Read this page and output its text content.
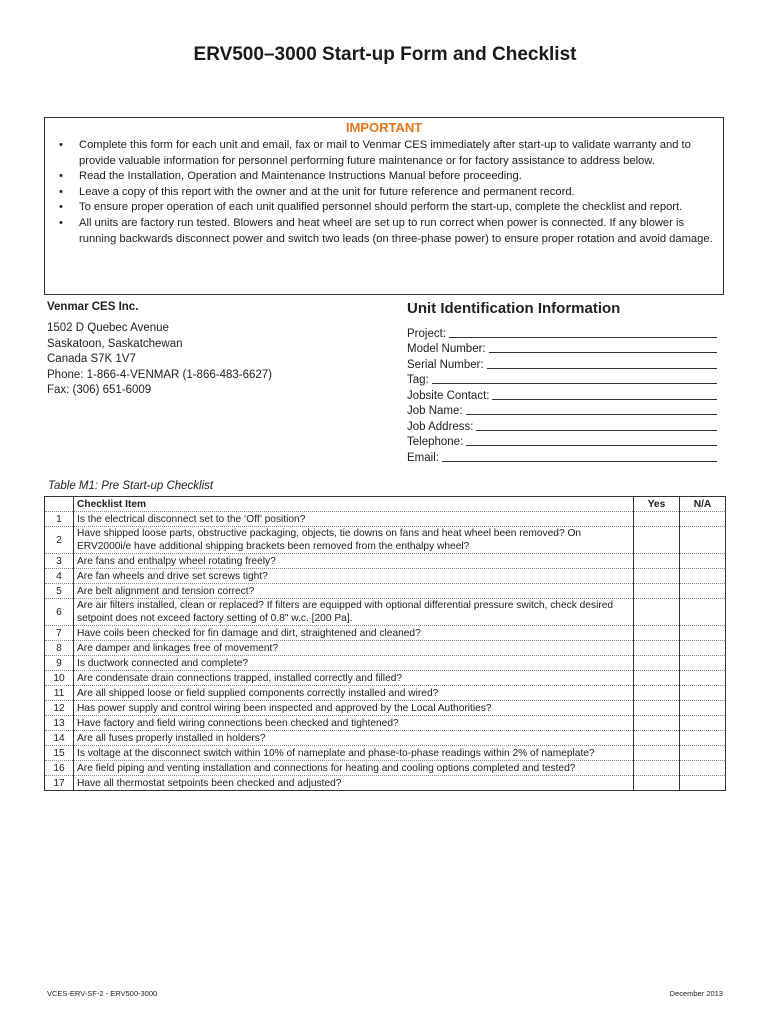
ERV500–3000 Start-up Form and Checklist
IMPORTANT
• Complete this form for each unit and email, fax or mail to Venmar CES immediately after start-up to validate warranty and to provide valuable information for personnel performing future maintenance or for factory assistance to address below.
• Read the Installation, Operation and Maintenance Instructions Manual before proceeding.
• Leave a copy of this report with the owner and at the unit for future reference and permanent record.
• To ensure proper operation of each unit qualified personnel should perform the start-up, complete the checklist and report.
• All units are factory run tested. Blowers and heat wheel are set up to run correct when power is connected. If any blower is running backwards disconnect power and switch two leads (on three-phase power) to ensure proper rotation and avoid damage.
Venmar CES Inc.
1502 D Quebec Avenue
Saskatoon, Saskatchewan
Canada S7K 1V7
Phone: 1-866-4-VENMAR (1-866-483-6627)
Fax: (306) 651-6009
Unit Identification Information
Project:
Model Number:
Serial Number:
Tag:
Jobsite Contact:
Job Name:
Job Address:
Telephone:
Email:
Table M1: Pre Start-up Checklist
	Checklist Item	Yes	N/A
1	Is the electrical disconnect set to the ‘Off’ position?		
2	Have shipped loose parts, obstructive packaging, objects, tie downs on fans and heat wheel been removed? On ERV2000i/e have additional shipping brackets been removed from the enthalpy wheel?		
3	Are fans and enthalpy wheel rotating freely?		
4	Are fan wheels and drive set screws tight?		
5	Are belt alignment and tension correct?		
6	Are air filters installed, clean or replaced? If filters are equipped with optional differential pressure switch, check desired setpoint does not exceed factory setting of 0.8" w.c. [200 Pa].		
7	Have coils been checked for fin damage and dirt, straightened and cleaned?		
8	Are damper and linkages free of movement?		
9	Is ductwork connected and complete?		
10	Are condensate drain connections trapped, installed correctly and filled?		
11	Are all shipped loose or field supplied components correctly installed and wired?		
12	Has power supply and control wiring been inspected and approved by the Local Authorities?		
13	Have factory and field wiring connections been checked and tightened?		
14	Are all fuses properly installed in holders?		
15	Is voltage at the disconnect switch within 10% of nameplate and phase-to-phase readings within 2% of nameplate?		
16	Are field piping and venting installation and connections for heating and cooling options completed and tested?		
17	Have all thermostat setpoints been checked and adjusted?		
VCES-ERV-SF-2 - ERV500-3000	December 2013
